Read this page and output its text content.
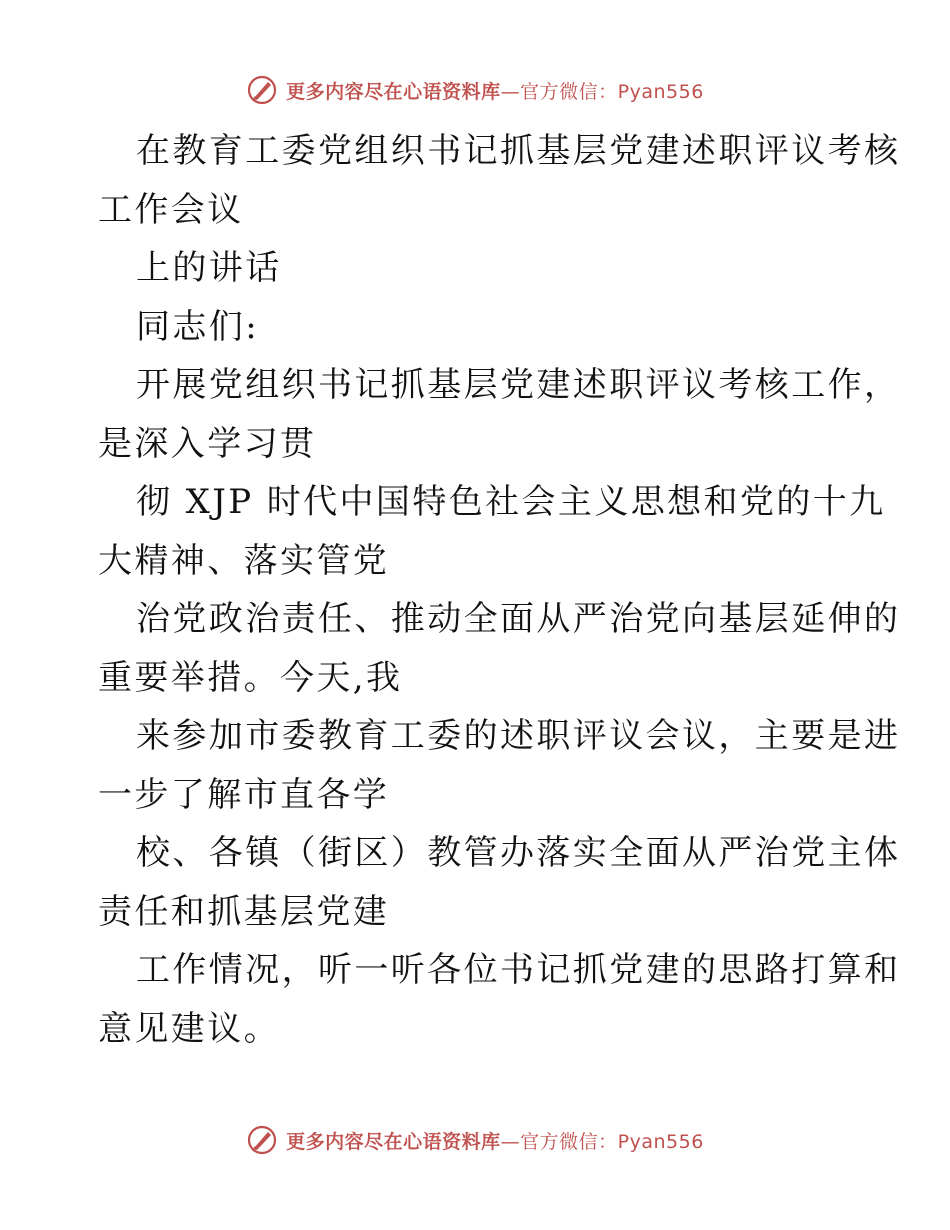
更多内容尽在心语资料库—官方微信：Pyan556
在教育工委党组织书记抓基层党建述职评议考核
工作会议
上的讲话
同志们:
开展党组织书记抓基层党建述职评议考核工作，
是深入学习贯
彻 XJP 时代中国特色社会主义思想和党的十九
大精神、落实管党
治党政治责任、推动全面从严治党向基层延伸的
重要举措。今天,我
来参加市委教育工委的述职评议会议，主要是进
一步了解市直各学
校、各镇（街区）教管办落实全面从严治党主体
责任和抓基层党建
工作情况，听一听各位书记抓党建的思路打算和
意见建议。
更多内容尽在心语资料库—官方微信：Pyan556
